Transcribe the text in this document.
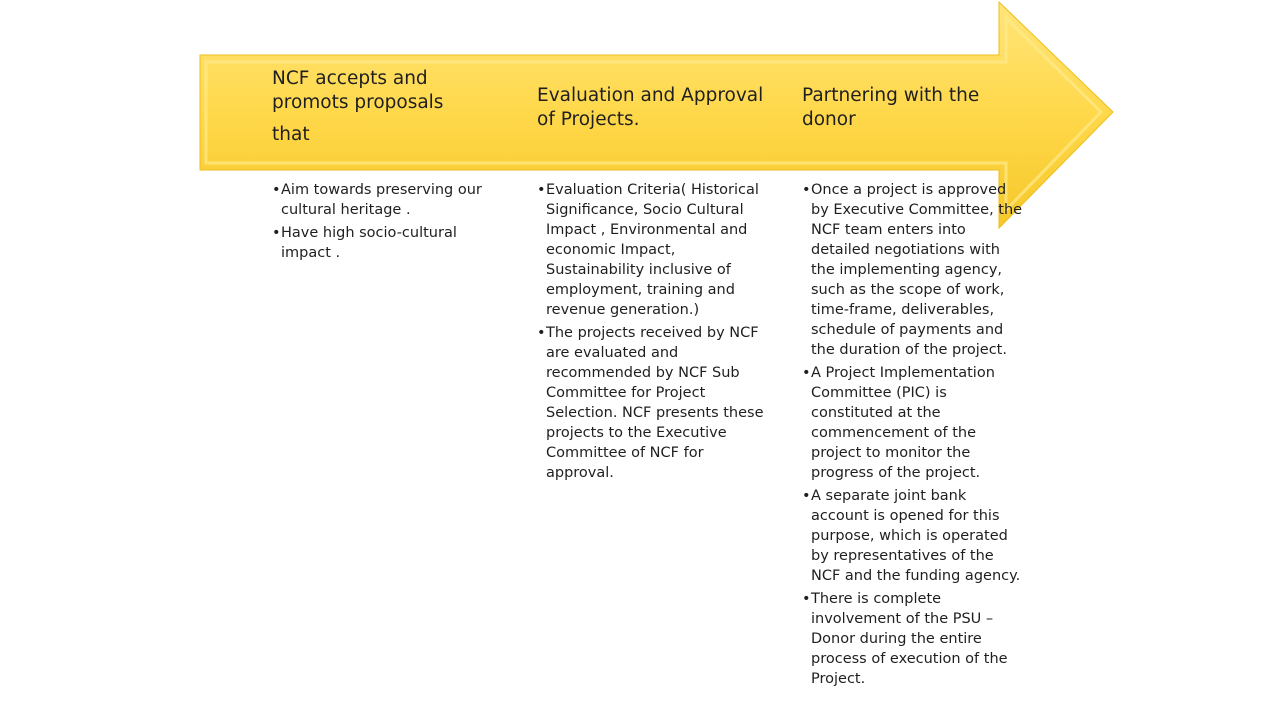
NCF accepts and
promots proposals
that
Evaluation and Approval
of Projects.
Partnering with the
donor
• Aim towards preserving our cultural heritage .
• Have high socio-cultural impact .
• Evaluation Criteria( Historical Significance, Socio Cultural Impact , Environmental and economic Impact, Sustainability inclusive of employment, training and revenue generation.)
• The projects received by NCF are evaluated and recommended by NCF Sub Committee for Project Selection. NCF presents these projects to the Executive Committee of NCF for approval.
• Once a project is approved by Executive Committee, the NCF team enters into detailed negotiations with the implementing agency, such as the scope of work, time-frame, deliverables, schedule of payments and the duration of the project.
• A Project Implementation Committee (PIC) is constituted at the commencement of the project to monitor the progress of the project.
• A separate joint bank account is opened for this purpose, which is operated by representatives of the NCF and the funding agency.
• There is complete involvement of the PSU – Donor during the entire process of execution of the Project.
